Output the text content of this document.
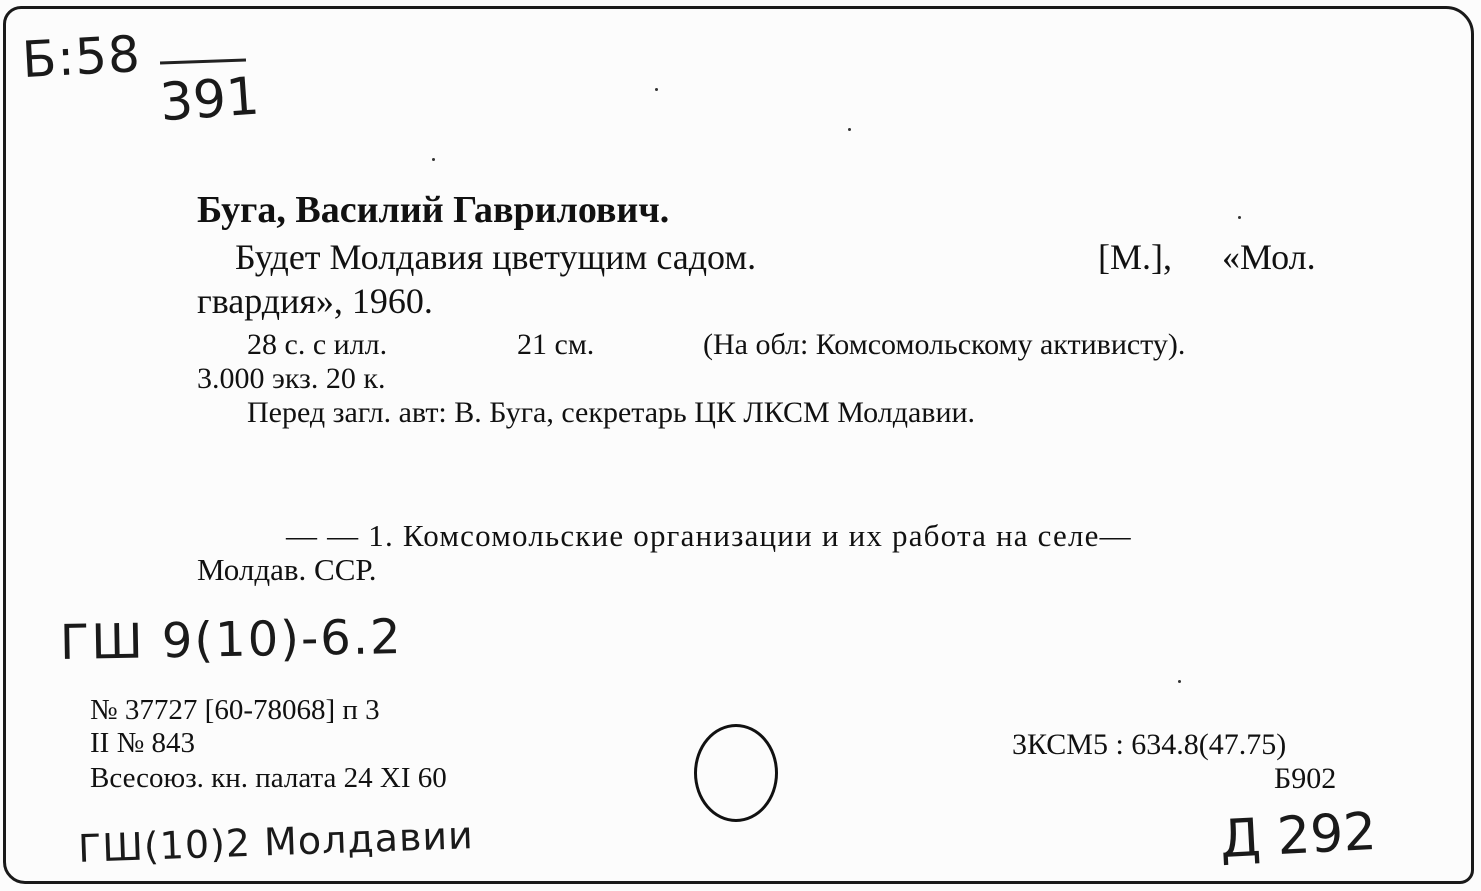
Б:58
391
Буга, Василий Гаврилович.
Будет Молдавия цветущим садом.	[М.], «Мол.
гвардия», 1960.
28 с. с илл.	21 см.	(На обл: Комсомольскому активисту).
3.000 экз. 20 к.
Перед загл. авт: В. Буга, секретарь ЦК ЛКСМ Молдавии.
— — 1. Комсомольские организации и их работа на селе—
Молдав. ССР.
ГШ 9(10)-6.2
№ 37727 [60-78068] п 3
II № 843
Всесоюз. кн. палата 24 XI 60
3КСМ5 : 634.8(47.75)
Б902
ГШ(10)2 Молдавии	Д 292
